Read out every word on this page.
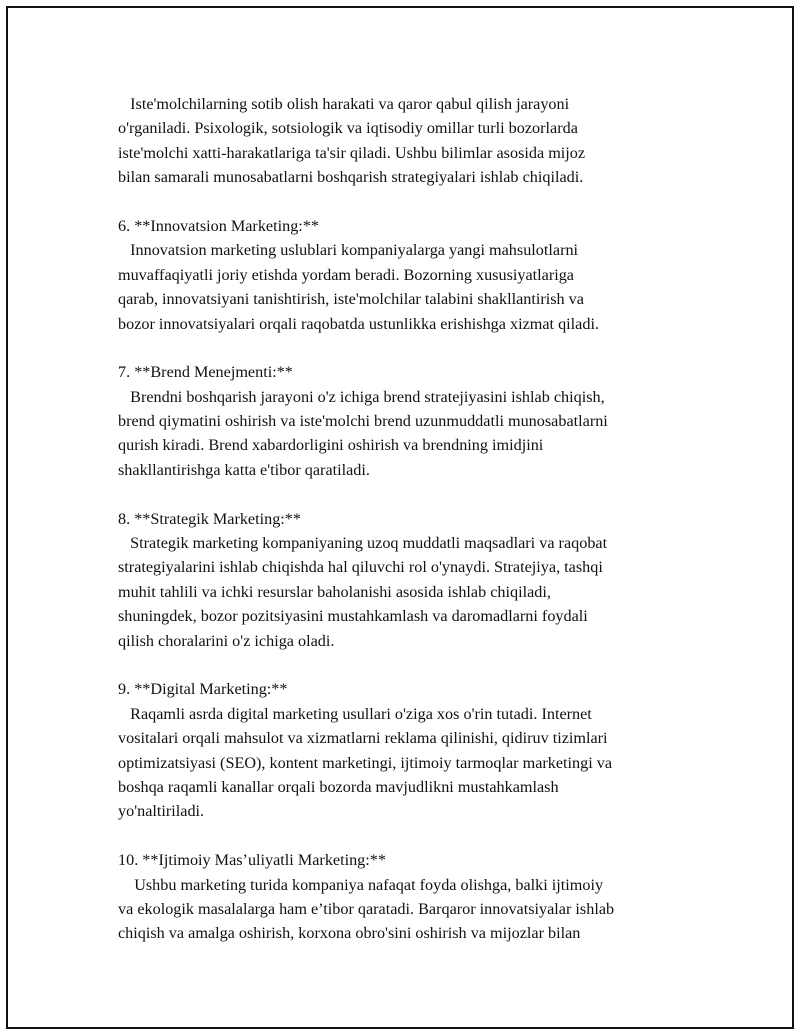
Iste'molchilarning sotib olish harakati va qaror qabul qilish jarayoni
o'rganiladi. Psixologik, sotsiologik va iqtisodiy omillar turli bozorlarda
iste'molchi xatti-harakatlariga ta'sir qiladi. Ushbu bilimlar asosida mijoz
bilan samarali munosabatlarni boshqarish strategiyalari ishlab chiqiladi.
6. **Innovatsion Marketing:**
Innovatsion marketing uslublari kompaniyalarga yangi mahsulotlarni
muvaffaqiyatli joriy etishda yordam beradi. Bozorning xususiyatlariga
qarab, innovatsiyani tanishtirish, iste'molchilar talabini shakllantirish va
bozor innovatsiyalari orqali raqobatda ustunlikka erishishga xizmat qiladi.
7. **Brend Menejmenti:**
Brendni boshqarish jarayoni o'z ichiga brend stratejiyasini ishlab chiqish,
brend qiymatini oshirish va iste'molchi brend uzunmuddatli munosabatlarni
qurish kiradi. Brend xabardorligini oshirish va brendning imidjini
shakllantirishga katta e'tibor qaratiladi.
8. **Strategik Marketing:**
Strategik marketing kompaniyaning uzoq muddatli maqsadlari va raqobat
strategiyalarini ishlab chiqishda hal qiluvchi rol o'ynaydi. Stratejiya, tashqi
muhit tahlili va ichki resurslar baholanishi asosida ishlab chiqiladi,
shuningdek, bozor pozitsiyasini mustahkamlash va daromadlarni foydali
qilish choralarini o'z ichiga oladi.
9. **Digital Marketing:**
Raqamli asrda digital marketing usullari o'ziga xos o'rin tutadi. Internet
vositalari orqali mahsulot va xizmatlarni reklama qilinishi, qidiruv tizimlari
optimizatsiyasi (SEO), kontent marketingi, ijtimoiy tarmoqlar marketingi va
boshqa raqamli kanallar orqali bozorda mavjudlikni mustahkamlash
yo'naltiriladi.
10. **Ijtimoiy Mas’uliyatli Marketing:**
Ushbu marketing turida kompaniya nafaqat foyda olishga, balki ijtimoiy
va ekologik masalalarga ham e’tibor qaratadi. Barqaror innovatsiyalar ishlab
chiqish va amalga oshirish, korxona obro'sini oshirish va mijozlar bilan
